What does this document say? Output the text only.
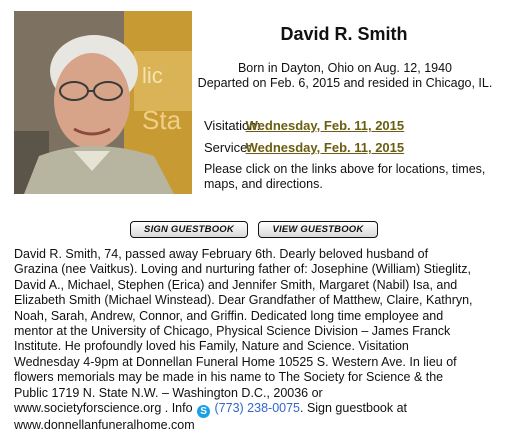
lic
Sta
David R. Smith
Born in Dayton, Ohio on Aug. 12, 1940
Departed on Feb. 6, 2015 and resided in Chicago, IL.
Visitation: Wednesday, Feb. 11, 2015
Service: Wednesday, Feb. 11, 2015
Please click on the links above for locations, times, maps, and directions.
SIGN GUESTBOOK	VIEW GUESTBOOK
David R. Smith, 74, passed away February 6th. Dearly beloved husband of
Grazina (nee Vaitkus). Loving and nurturing father of: Josephine (William) Stieglitz,
David A., Michael, Stephen (Erica) and Jennifer Smith, Margaret (Nabil) Isa, and
Elizabeth Smith (Michael Winstead). Dear Grandfather of Matthew, Claire, Kathryn,
Noah, Sarah, Andrew, Connor, and Griffin. Dedicated long time employee and
mentor at the University of Chicago, Physical Science Division – James Franck
Institute. He profoundly loved his Family, Nature and Science. Visitation
Wednesday 4-9pm at Donnellan Funeral Home 10525 S. Western Ave. In lieu of
flowers memorials may be made in his name to The Society for Science & the
Public 1719 N. State N.W. – Washington D.C., 20036 or
www.societyforscience.org . Info S (773) 238-0075. Sign guestbook at
www.donnellanfuneralhome.com
